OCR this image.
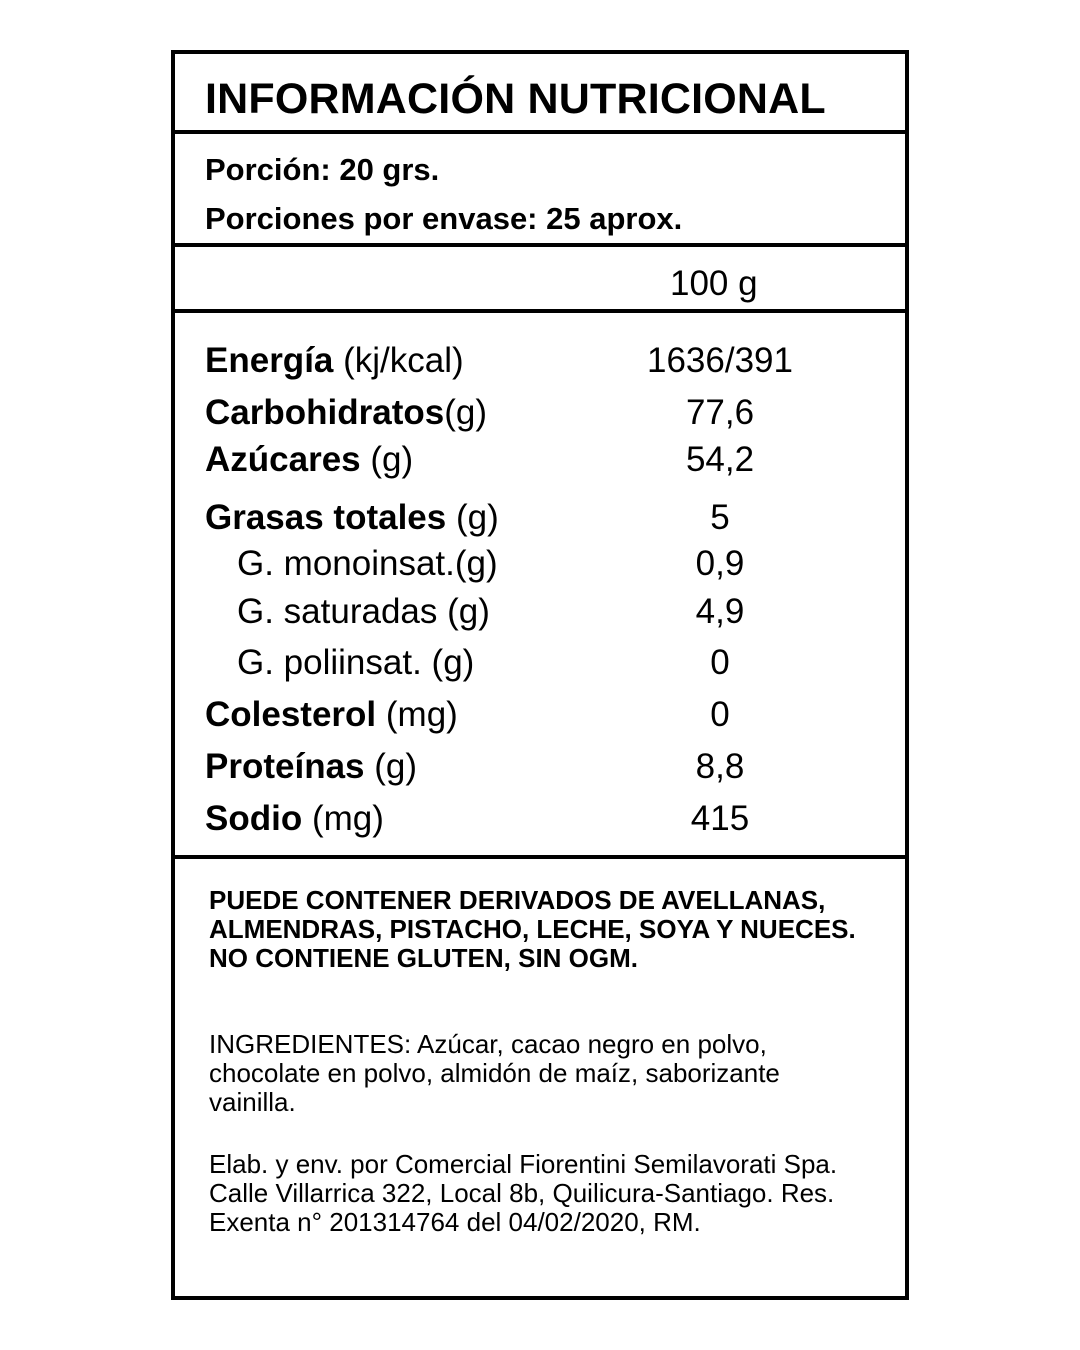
INFORMACIÓN NUTRICIONAL
Porción: 20 grs.
Porciones por envase: 25 aprox.
100 g
Energía (kj/kcal)	1636/391
Carbohidratos(g)	77,6
Azúcares (g)	54,2
Grasas totales (g)	5
G. monoinsat.(g)	0,9
G. saturadas (g)	4,9
G. poliinsat. (g)	0
Colesterol (mg)	0
Proteínas (g)	8,8
Sodio (mg)	415
PUEDE CONTENER DERIVADOS DE AVELLANAS, ALMENDRAS, PISTACHO, LECHE, SOYA Y NUECES. NO CONTIENE GLUTEN, SIN OGM.
INGREDIENTES: Azúcar, cacao negro en polvo, chocolate en polvo, almidón de maíz, saborizante vainilla.
Elab. y env. por Comercial Fiorentini Semilavorati Spa. Calle Villarrica 322, Local 8b, Quilicura-Santiago. Res. Exenta n° 201314764 del 04/02/2020, RM.
